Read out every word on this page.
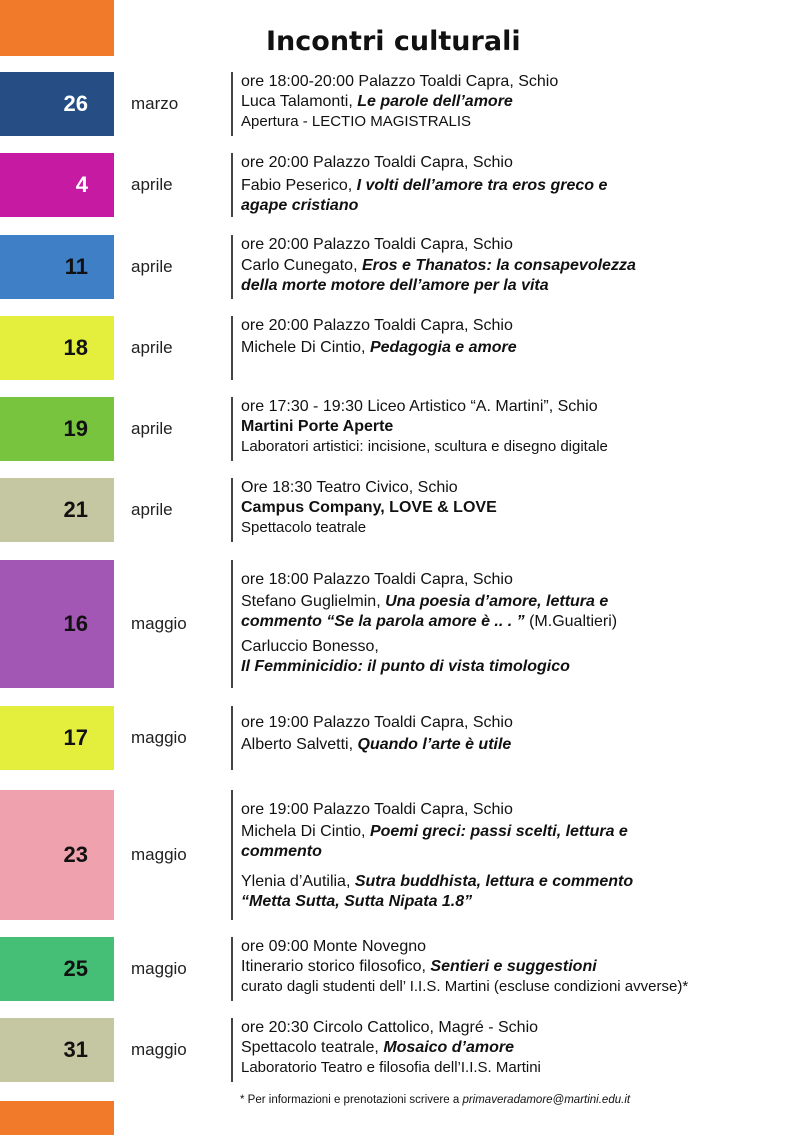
Incontri culturali
26	marzo
ore 18:00-20:00 Palazzo Toaldi Capra, Schio
Luca Talamonti, Le parole dell’amore
Apertura - LECTIO MAGISTRALIS
4	aprile
ore 20:00 Palazzo Toaldi Capra, Schio
Fabio Peserico, I volti dell’amore tra eros greco e
agape cristiano
11	aprile
ore 20:00 Palazzo Toaldi Capra, Schio
Carlo Cunegato, Eros e Thanatos: la consapevolezza
della morte motore dell’amore per la vita
18	aprile
ore 20:00 Palazzo Toaldi Capra, Schio
Michele Di Cintio, Pedagogia e amore
19	aprile
ore 17:30 - 19:30 Liceo Artistico “A. Martini”, Schio
Martini Porte Aperte
Laboratori artistici: incisione, scultura e disegno digitale
21	aprile
Ore 18:30 Teatro Civico, Schio
Campus Company, LOVE & LOVE
Spettacolo teatrale
16	maggio
ore 18:00 Palazzo Toaldi Capra, Schio
Stefano Guglielmin, Una poesia d’amore, lettura e
commento “Se la parola amore è .. . ” (M.Gualtieri)
Carluccio Bonesso,
Il Femminicidio: il punto di vista timologico
17	maggio
ore 19:00 Palazzo Toaldi Capra, Schio
Alberto Salvetti, Quando l’arte è utile
23	maggio
ore 19:00 Palazzo Toaldi Capra, Schio
Michela Di Cintio, Poemi greci: passi scelti, lettura e
commento
Ylenia d’Autilia, Sutra buddhista, lettura e commento
“Metta Sutta, Sutta Nipata 1.8”
25	maggio
ore 09:00 Monte Novegno
Itinerario storico filosofico, Sentieri e suggestioni
curato dagli studenti dell’ I.I.S. Martini (escluse condizioni avverse)*
31	maggio
ore 20:30 Circolo Cattolico, Magré - Schio
Spettacolo teatrale, Mosaico d’amore
Laboratorio Teatro e filosofia dell’I.I.S. Martini
* Per informazioni e prenotazioni scrivere a primaveradamore@martini.edu.it
